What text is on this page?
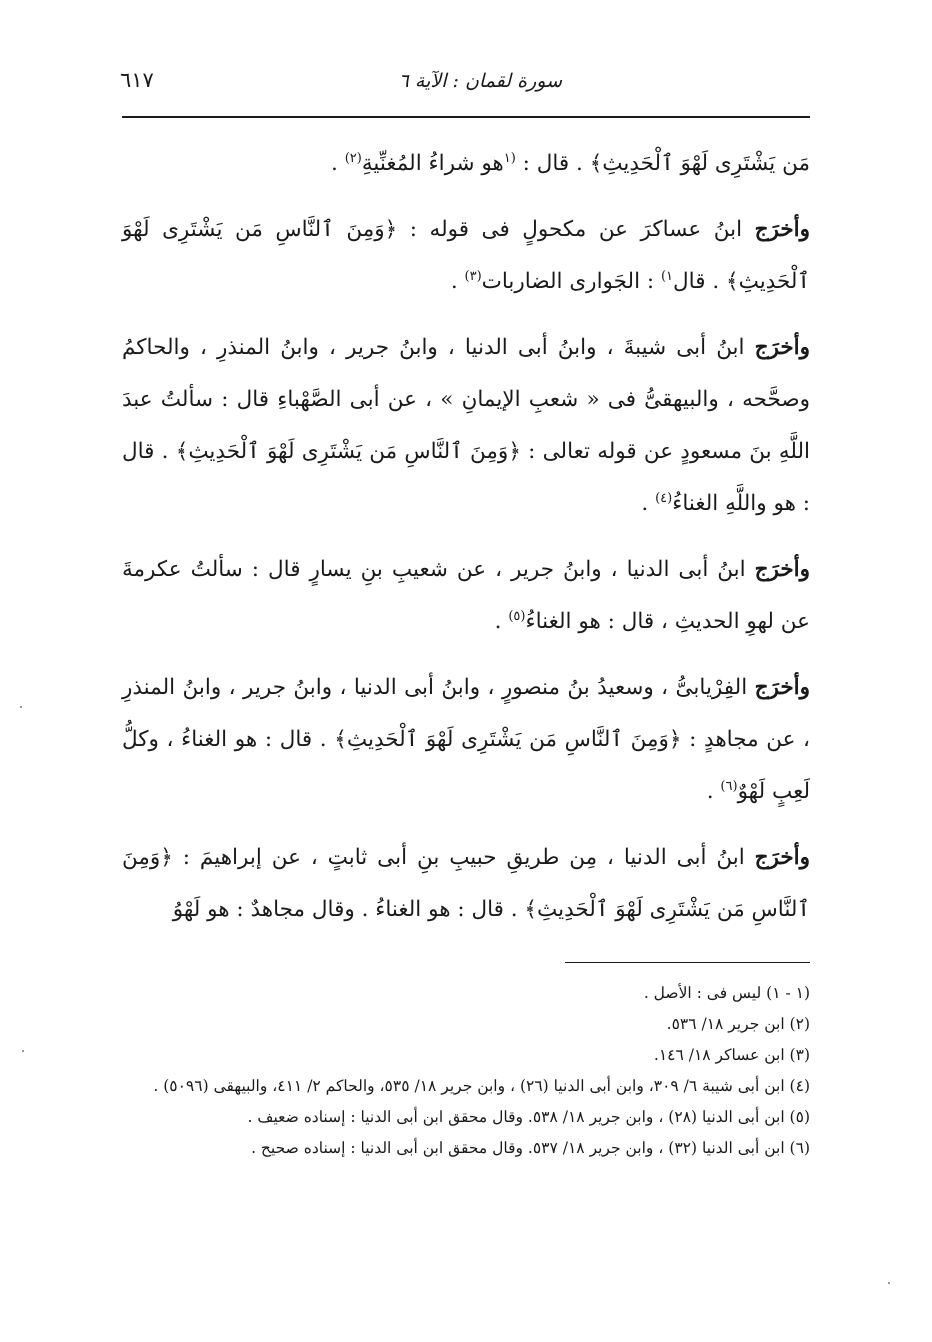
سورة لقمان : الآية ٦
٦١٧

مَن يَشْتَرِى لَهْوَ ٱلْحَدِيثِ﴾ . قال : $^{(١}$هو شراءُ المُغنِّيةِ$^{(٢)}$ .

وأخرَج ابنُ عساكرَ عن مكحولٍ فى قوله : ﴿وَمِنَ ٱلنَّاسِ مَن يَشْتَرِى لَهْوَ ٱلْحَدِيثِ﴾ . قال$^{١)}$ : الجَوارى الضاربات$^{(٣)}$ .

وأخرَج ابنُ أبى شيبةَ ، وابنُ أبى الدنيا ، وابنُ جرير ، وابنُ المنذرِ ، والحاكمُ وصحَّحه ، والبيهقىُّ فى « شعبِ الإيمانِ » ، عن أبى الصَّهْباءِ قال : سألتُ عبدَ اللَّهِ بنَ مسعودٍ عن قوله تعالى : ﴿وَمِنَ ٱلنَّاسِ مَن يَشْتَرِى لَهْوَ ٱلْحَدِيثِ﴾ . قال : هو واللَّهِ الغناءُ$^{(٤)}$ .

وأخرَج ابنُ أبى الدنيا ، وابنُ جرير ، عن شعيبِ بنِ يسارٍ قال : سألتُ عكرمةَ عن لهوِ الحديثِ ، قال : هو الغناءُ$^{(٥)}$ .

وأخرَج الفِرْيابىُّ ، وسعيدُ بنُ منصورٍ ، وابنُ أبى الدنيا ، وابنُ جرير ، وابنُ المنذرِ ، عن مجاهدٍ : ﴿وَمِنَ ٱلنَّاسِ مَن يَشْتَرِى لَهْوَ ٱلْحَدِيثِ﴾ . قال : هو الغناءُ ، وكلُّ لَعِبٍ لَهْوٌ$^{(٦)}$ .

وأخرَج ابنُ أبى الدنيا ، مِن طريقِ حبيبِ بنِ أبى ثابتٍ ، عن إبراهيمَ : ﴿وَمِنَ ٱلنَّاسِ مَن يَشْتَرِى لَهْوَ ٱلْحَدِيثِ﴾ . قال : هو الغناءُ . وقال مجاهدٌ : هو لَهْوُ

(١ - ١) ليس فى : الأصل .

(٢) ابن جرير ١٨/ ٥٣٦.

(٣) ابن عساكر ١٨/ ١٤٦.

(٤) ابن أبى شيبة ٦/ ٣٠٩، وابن أبى الدنيا (٢٦) ، وابن جرير ١٨/ ٥٣٥، والحاكم ٢/ ٤١١، والبيهقى (٥٠٩٦) .

(٥) ابن أبى الدنيا (٢٨) ، وابن جرير ١٨/ ٥٣٨. وقال محقق ابن أبى الدنيا : إسناده ضعيف .

(٦) ابن أبى الدنيا (٣٢) ، وابن جرير ١٨/ ٥٣٧. وقال محقق ابن أبى الدنيا : إسناده صحيح .
